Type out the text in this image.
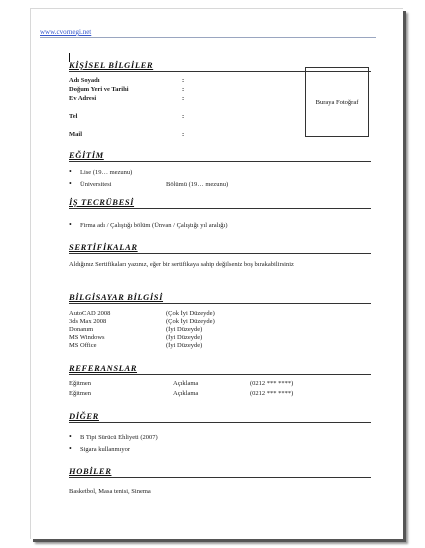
www.cvornegi.net
KİŞİSEL BİLGİLER
Adı Soyadı	:
Doğum Yeri ve Tarihi	:
Ev Adresi	:
Tel	:
Mail	:
Buraya Fotoğraf
EĞİTİM
• Lise (19… mezunu)
• Üniversitesi	Bölümü (19… mezunu)
İŞ TECRÜBESİ
• Firma adı / Çalıştığı bölüm (Ünvan / Çalıştığı yıl aralığı)
SERTİFİKALAR
Aldığınız Sertifikaları yazınız, eğer bir sertifikaya sahip değilseniz boş bırakabilirsiniz
BİLGİSAYAR BİLGİSİ
AutoCAD 2008	(Çok İyi Düzeyde)
3ds Max 2008	(Çok İyi Düzeyde)
Donanım	(İyi Düzeyde)
MS Windows	(İyi Düzeyde)
MS Office	(İyi Düzeyde)
REFERANSLAR
Eğitmen	Açıklama	(0212 *** ****)
Eğitmen	Açıklama	(0212 *** ****)
DİĞER
• B Tipi Sürücü Ehliyeti (2007)
• Sigara kullanmıyor
HOBİLER
Basketbol, Masa tenisi, Sinema
